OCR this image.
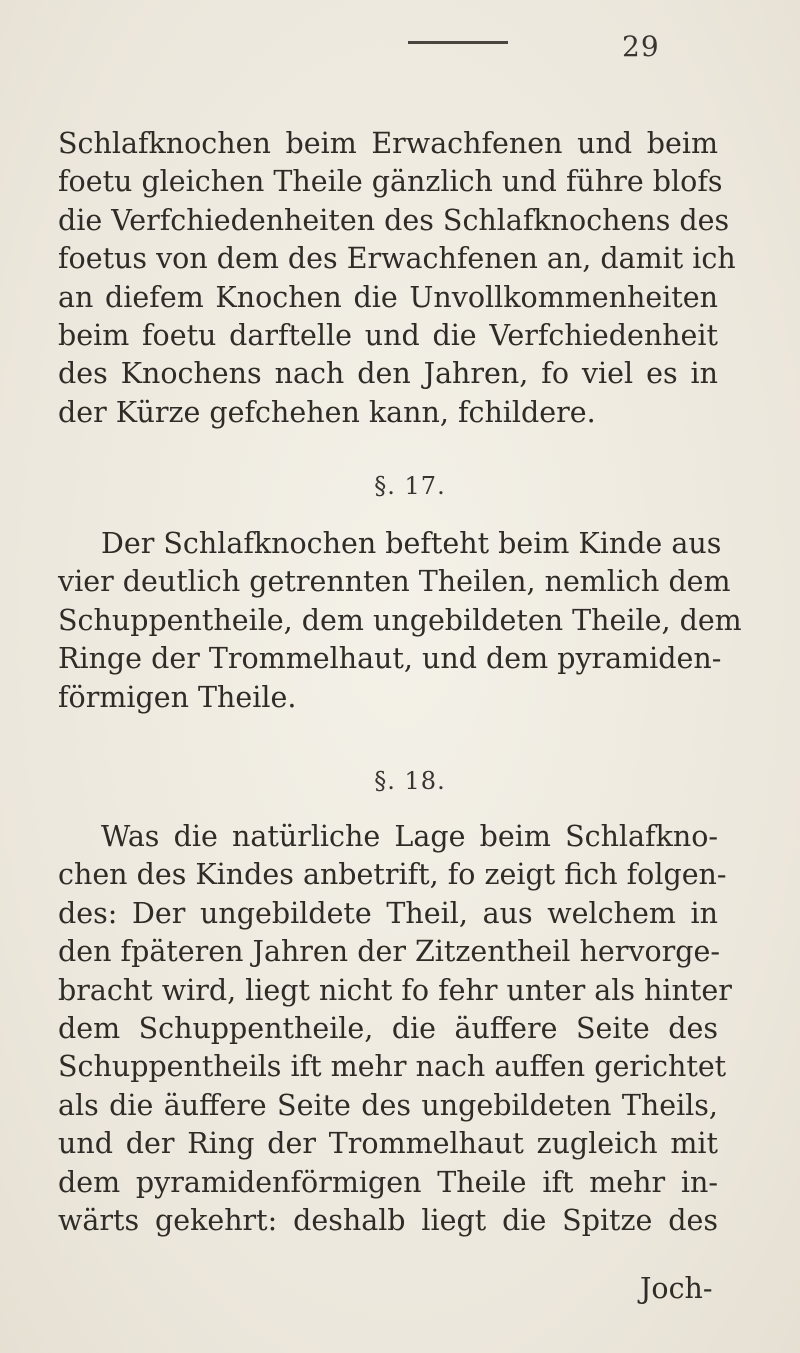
29
Schlafknochen beim Erwachfenen und beim
foetu gleichen Theile gänzlich und führe blofs
die Verfchiedenheiten des Schlafknochens des
foetus von dem des Erwachfenen an, damit ich
an diefem Knochen die Unvollkommenheiten
beim foetu darftelle und die Verfchiedenheit
des Knochens nach den Jahren, fo viel es in
der Kürze gefchehen kann, fchildere.
§. 17.
Der Schlafknochen befteht beim Kinde aus
vier deutlich getrennten Theilen, nemlich dem
Schuppentheile, dem ungebildeten Theile, dem
Ringe der Trommelhaut, und dem pyramiden-
förmigen Theile.
§. 18.
Was die natürliche Lage beim Schlafkno-
chen des Kindes anbetrift, fo zeigt fich folgen-
des: Der ungebildete Theil, aus welchem in
den fpäteren Jahren der Zitzentheil hervorge-
bracht wird, liegt nicht fo fehr unter als hinter
dem Schuppentheile, die äuffere Seite des
Schuppentheils ift mehr nach auffen gerichtet
als die äuffere Seite des ungebildeten Theils,
und der Ring der Trommelhaut zugleich mit
dem pyramidenförmigen Theile ift mehr in-
wärts gekehrt: deshalb liegt die Spitze des
Joch-
